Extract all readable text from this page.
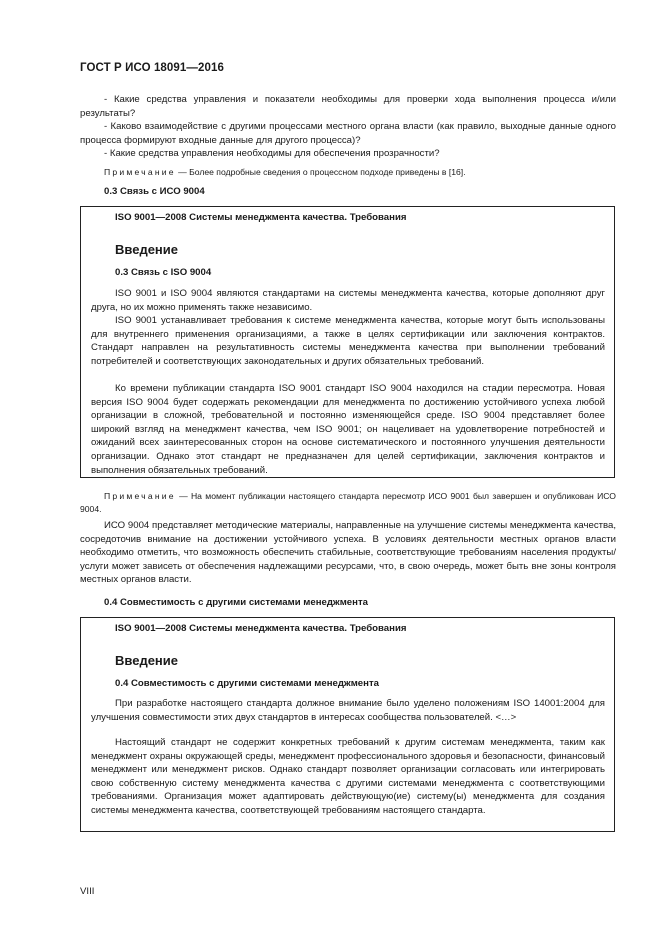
ГОСТ Р ИСО 18091—2016

- Какие средства управления и показатели необходимы для проверки хода выполнения процесса и/или результаты?

- Каково взаимодействие с другими процессами местного органа власти (как правило, выходные данные одного процесса формируют входные данные для другого процесса)?

- Какие средства управления необходимы для обеспечения прозрачности?

Примечание — Более подробные сведения о процессном подходе приведены в [16].

0.3 Связь с ИСО 9004

ISO 9001—2008 Системы менеджмента качества. Требования
Введение
0.3 Связь с ISO 9004

ISO 9001 и ISO 9004 являются стандартами на системы менеджмента качества, которые дополняют друг друга, но их можно применять также независимо.

ISO 9001 устанавливает требования к системе менеджмента качества, которые могут быть использованы для внутреннего применения организациями, а также в целях сертификации или заключения контрактов. Стандарт направлен на результативность системы менеджмента качества при выполнении требований потребителей и соответствующих законодательных и других обязательных требований.

Ко времени публикации стандарта ISO 9001 стандарт ISO 9004 находился на стадии пересмотра. Новая версия ISO 9004 будет содержать рекомендации для менеджмента по достижению устойчивого успеха любой организации в сложной, требовательной и постоянно изменяющейся среде. ISO 9004 представляет более широкий взгляд на менеджмент качества, чем ISO 9001; он нацеливает на удовлетворение потребностей и ожиданий всех заинтересованных сторон на основе систематического и постоянного улучшения деятельности организации. Однако этот стандарт не предназначен для целей сертификации, заключения контрактов и выполнения обязательных требований.

Примечание — На момент публикации настоящего стандарта пересмотр ИСО 9001 был завершен и опубликован ИСО 9004.

ИСО 9004 представляет методические материалы, направленные на улучшение системы менеджмента качества, сосредоточив внимание на достижении устойчивого успеха. В условиях деятельности местных органов власти необходимо отметить, что возможность обеспечить стабильные, соответствующие требованиям населения продукты/услуги может зависеть от обеспечения надлежащими ресурсами, что, в свою очередь, может быть вне зоны контроля местных органов власти.

0.4 Совместимость с другими системами менеджмента

ISO 9001—2008 Системы менеджмента качества. Требования
Введение
0.4 Совместимость с другими системами менеджмента

При разработке настоящего стандарта должное внимание было уделено положениям ISO 14001:2004 для улучшения совместимости этих двух стандартов в интересах сообщества пользователей. <…>

Настоящий стандарт не содержит конкретных требований к другим системам менеджмента, таким как менеджмент охраны окружающей среды, менеджмент профессионального здоровья и безопасности, финансовый менеджмент или менеджмент рисков. Однако стандарт позволяет организации согласовать или интегрировать свою собственную систему менеджмента качества с другими системами менеджмента с соответствующими требованиями. Организация может адаптировать действующую(ие) систему(ы) менеджмента для создания системы менеджмента качества, соответствующей требованиям настоящего стандарта.

VIII
